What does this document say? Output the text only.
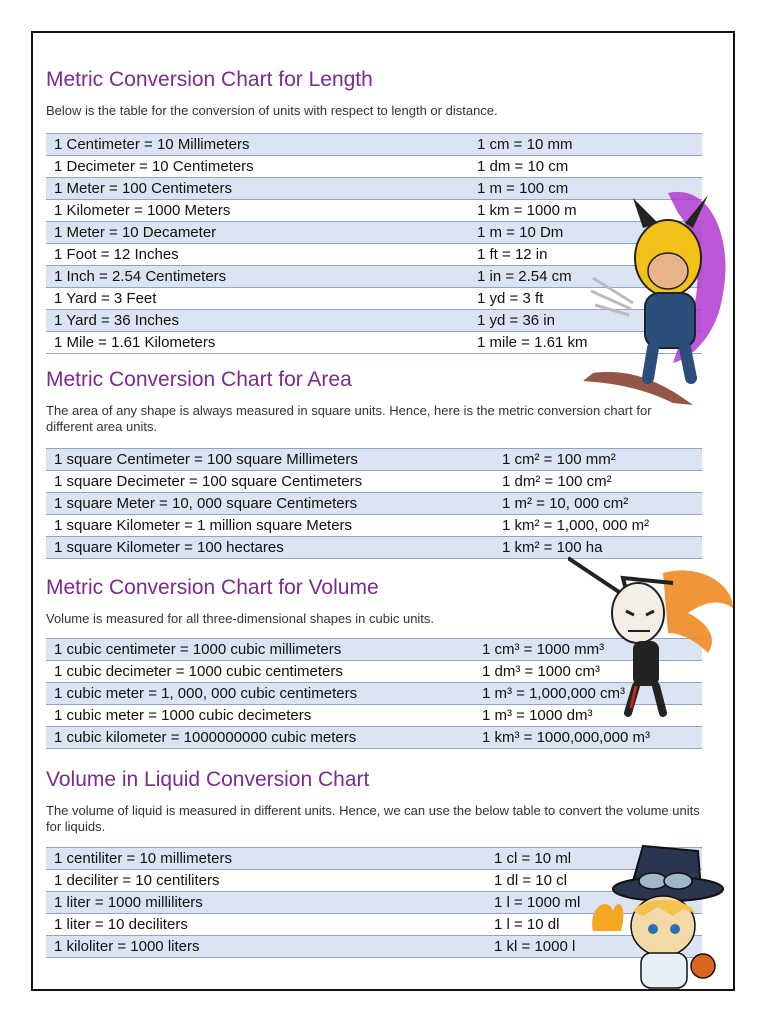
Metric Conversion Chart for Length

Below is the table for the conversion of units with respect to length or distance.

1 Centimeter = 10 Millimeters	1 cm = 10 mm
1 Decimeter = 10 Centimeters	1 dm = 10 cm
1 Meter = 100 Centimeters	1 m = 100 cm
1 Kilometer = 1000 Meters	1 km = 1000 m
1 Meter = 10 Decameter	1 m = 10 Dm
1 Foot = 12 Inches	1 ft = 12 in
1 Inch = 2.54 Centimeters	1 in = 2.54 cm
1 Yard = 3 Feet	1 yd = 3 ft
1 Yard = 36 Inches	1 yd = 36 in
1 Mile = 1.61 Kilometers	1 mile = 1.61 km
Metric Conversion Chart for Area

The area of any shape is always measured in square units. Hence, here is the metric conversion chart for different area units.

1 square Centimeter = 100 square Millimeters	1 cm² = 100 mm²
1 square Decimeter = 100 square Centimeters	1 dm² = 100 cm²
1 square Meter = 10, 000 square Centimeters	1 m² = 10, 000 cm²
1 square Kilometer = 1 million square Meters	1 km² = 1,000, 000 m²
1 square Kilometer = 100 hectares	1 km² = 100 ha
Metric Conversion Chart for Volume

Volume is measured for all three-dimensional shapes in cubic units.

1 cubic centimeter = 1000 cubic millimeters	1 cm³ = 1000 mm³
1 cubic decimeter = 1000 cubic centimeters	1 dm³ = 1000 cm³
1 cubic meter = 1, 000, 000 cubic centimeters	1 m³ = 1,000,000 cm³
1 cubic meter = 1000 cubic decimeters	1 m³ = 1000 dm³
1 cubic kilometer = 1000000000 cubic meters	1 km³ = 1000,000,000 m³
Volume in Liquid Conversion Chart

The volume of liquid is measured in different units. Hence, we can use the below table to convert the volume units for liquids.

1 centiliter = 10 millimeters	1 cl = 10 ml
1 deciliter = 10 centiliters	1 dl = 10 cl
1 liter = 1000 milliliters	1 l = 1000 ml
1 liter = 10 deciliters	1 l = 10 dl
1 kiloliter = 1000 liters	1 kl = 1000 l
